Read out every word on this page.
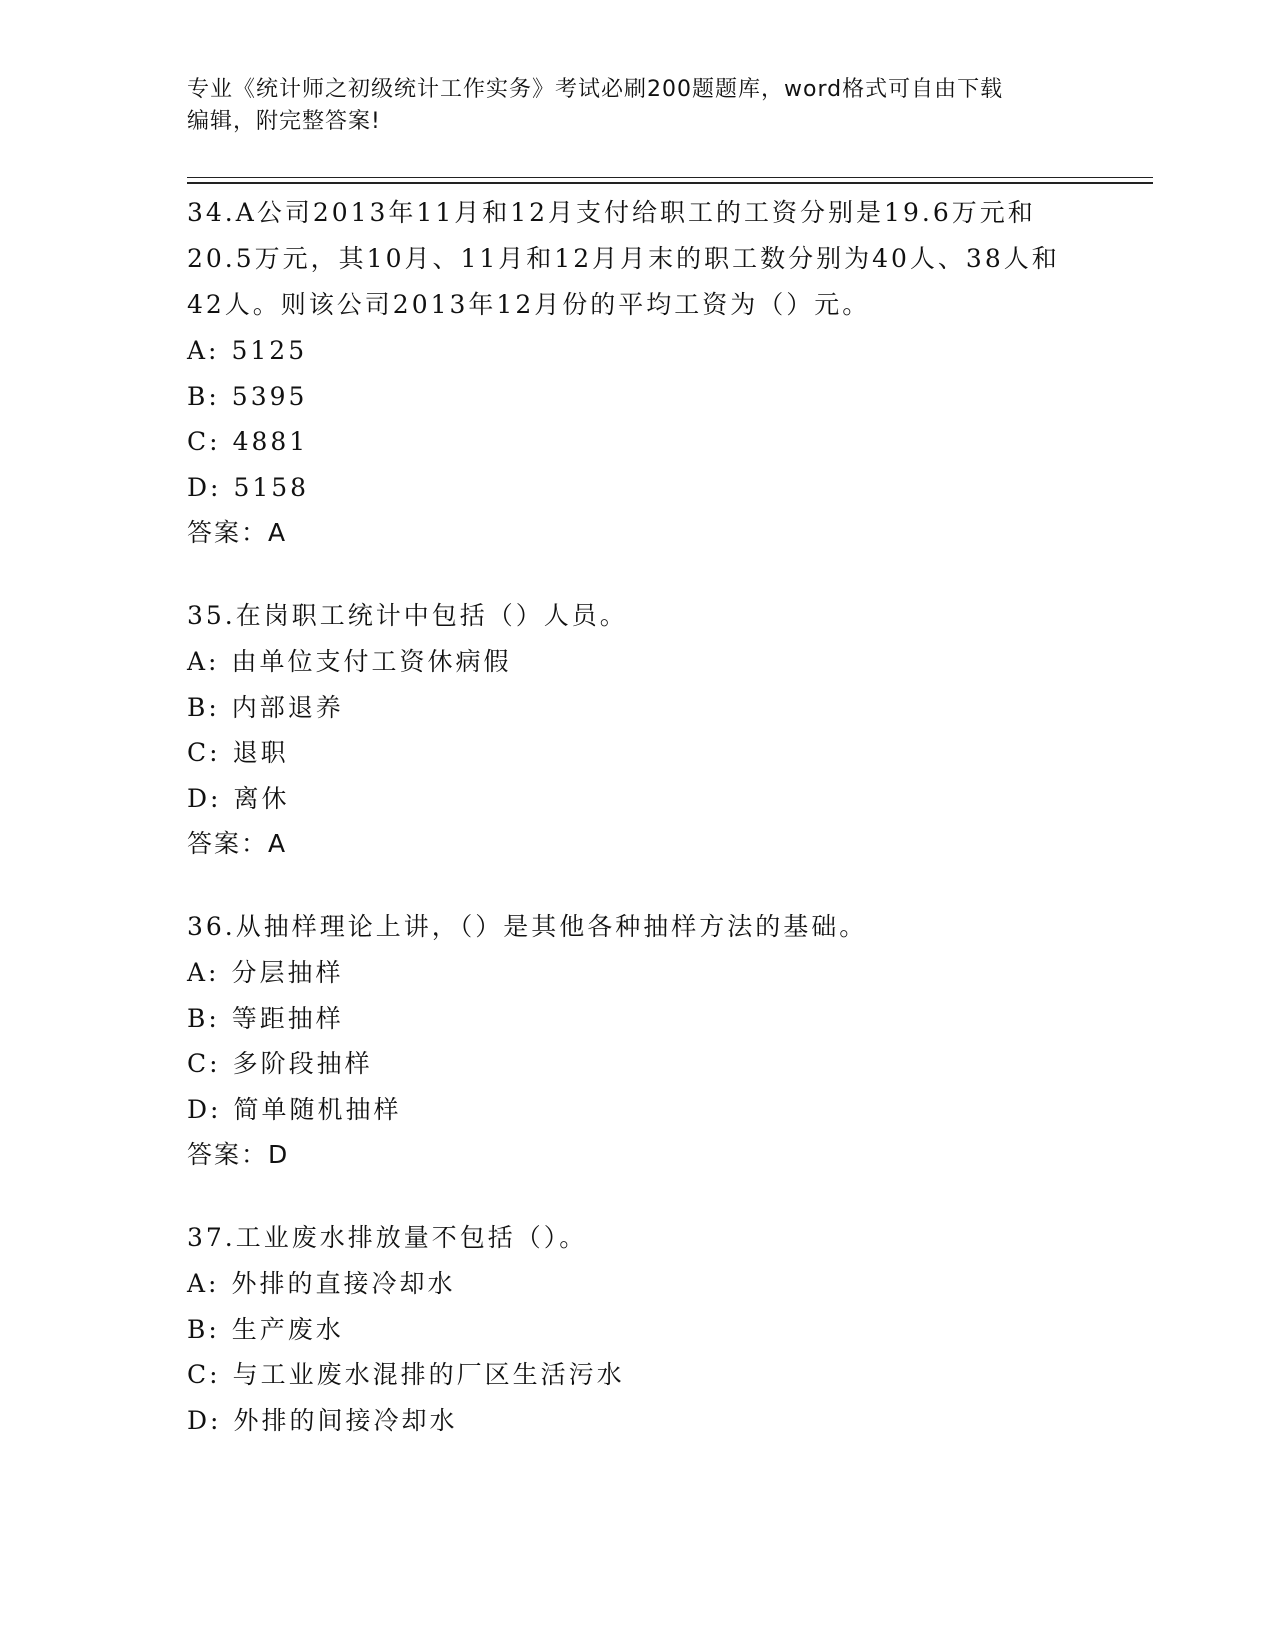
专业《统计师之初级统计工作实务》考试必刷200题题库，word格式可自由下载
编辑，附完整答案!

34.A公司2013年11月和12月支付给职工的工资分别是19.6万元和20.5万元，其10月、11月和12月月末的职工数分别为40人、38人和42人。则该公司2013年12月份的平均工资为（）元。

A: 5125

B: 5395

C: 4881

D: 5158

答案：A

35.在岗职工统计中包括（）人员。

A: 由单位支付工资休病假

B: 内部退养

C: 退职

D: 离休

答案：A

36.从抽样理论上讲，（）是其他各种抽样方法的基础。

A: 分层抽样

B: 等距抽样

C: 多阶段抽样

D: 简单随机抽样

答案：D

37.工业废水排放量不包括（）。

A: 外排的直接冷却水

B: 生产废水

C: 与工业废水混排的厂区生活污水

D: 外排的间接冷却水
